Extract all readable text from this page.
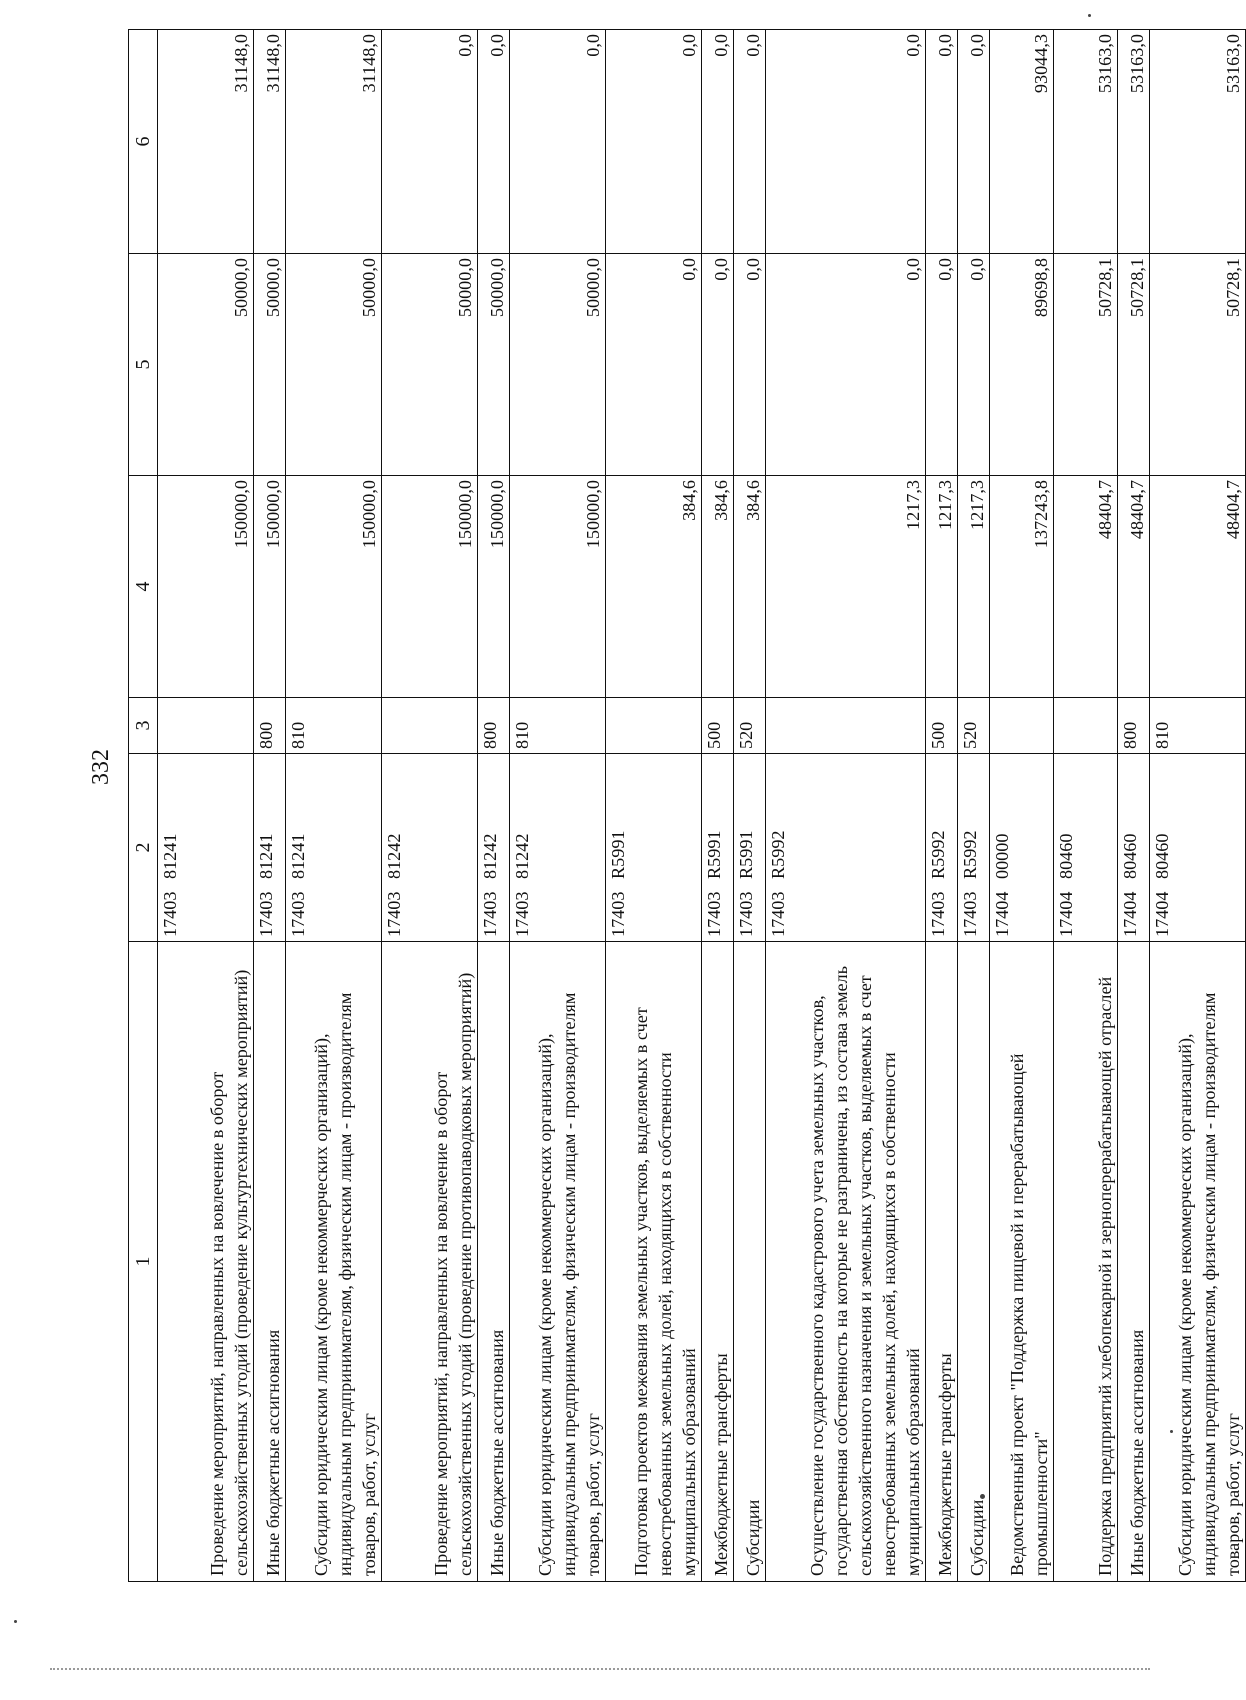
332
1	2	3	4	5	6
Проведение мероприятий, направленных на вовлечение в оборот сельскохозяйственных угодий (проведение культуртехнических мероприятий)	1740381241		150000,0	50000,0	31148,0
Иные бюджетные ассигнования	1740381241	800	150000,0	50000,0	31148,0
Субсидии юридическим лицам (кроме некоммерческих организаций), индивидуальным предпринимателям, физическим лицам - производителям товаров, работ, услуг	1740381241	810	150000,0	50000,0	31148,0
Проведение мероприятий, направленных на вовлечение в оборот сельскохозяйственных угодий (проведение противопаводковых мероприятий)	1740381242		150000,0	50000,0	0,0
Иные бюджетные ассигнования	1740381242	800	150000,0	50000,0	0,0
Субсидии юридическим лицам (кроме некоммерческих организаций), индивидуальным предпринимателям, физическим лицам - производителям товаров, работ, услуг	1740381242	810	150000,0	50000,0	0,0
Подготовка проектов межевания земельных участков, выделяемых в счет невостребованных земельных долей, находящихся в собственности муниципальных образований	17403R5991		384,6	0,0	0,0
Межбюджетные трансферты	17403R5991	500	384,6	0,0	0,0
Субсидии	17403R5991	520	384,6	0,0	0,0
Осуществление государственного кадастрового учета земельных участков, государственная собственность на которые не разграничена, из состава земель сельскохозяйственного назначения и земельных участков, выделяемых в счет невостребованных земельных долей, находящихся в собственности муниципальных образований	17403R5992		1217,3	0,0	0,0
Межбюджетные трансферты	17403R5992	500	1217,3	0,0	0,0
Субсидии	17403R5992	520	1217,3	0,0	0,0
Ведомственный проект "Поддержка пищевой и перерабатывающей промышленности"	1740400000		137243,8	89698,8	93044,3
Поддержка предприятий хлебопекарной и зерноперерабатывающей отраслей	1740480460		48404,7	50728,1	53163,0
Иные бюджетные ассигнования	1740480460	800	48404,7	50728,1	53163,0
Субсидии юридическим лицам (кроме некоммерческих организаций), индивидуальным предпринимателям, физическим лицам - производителям товаров, работ, услуг	1740480460	810	48404,7	50728,1	53163,0
